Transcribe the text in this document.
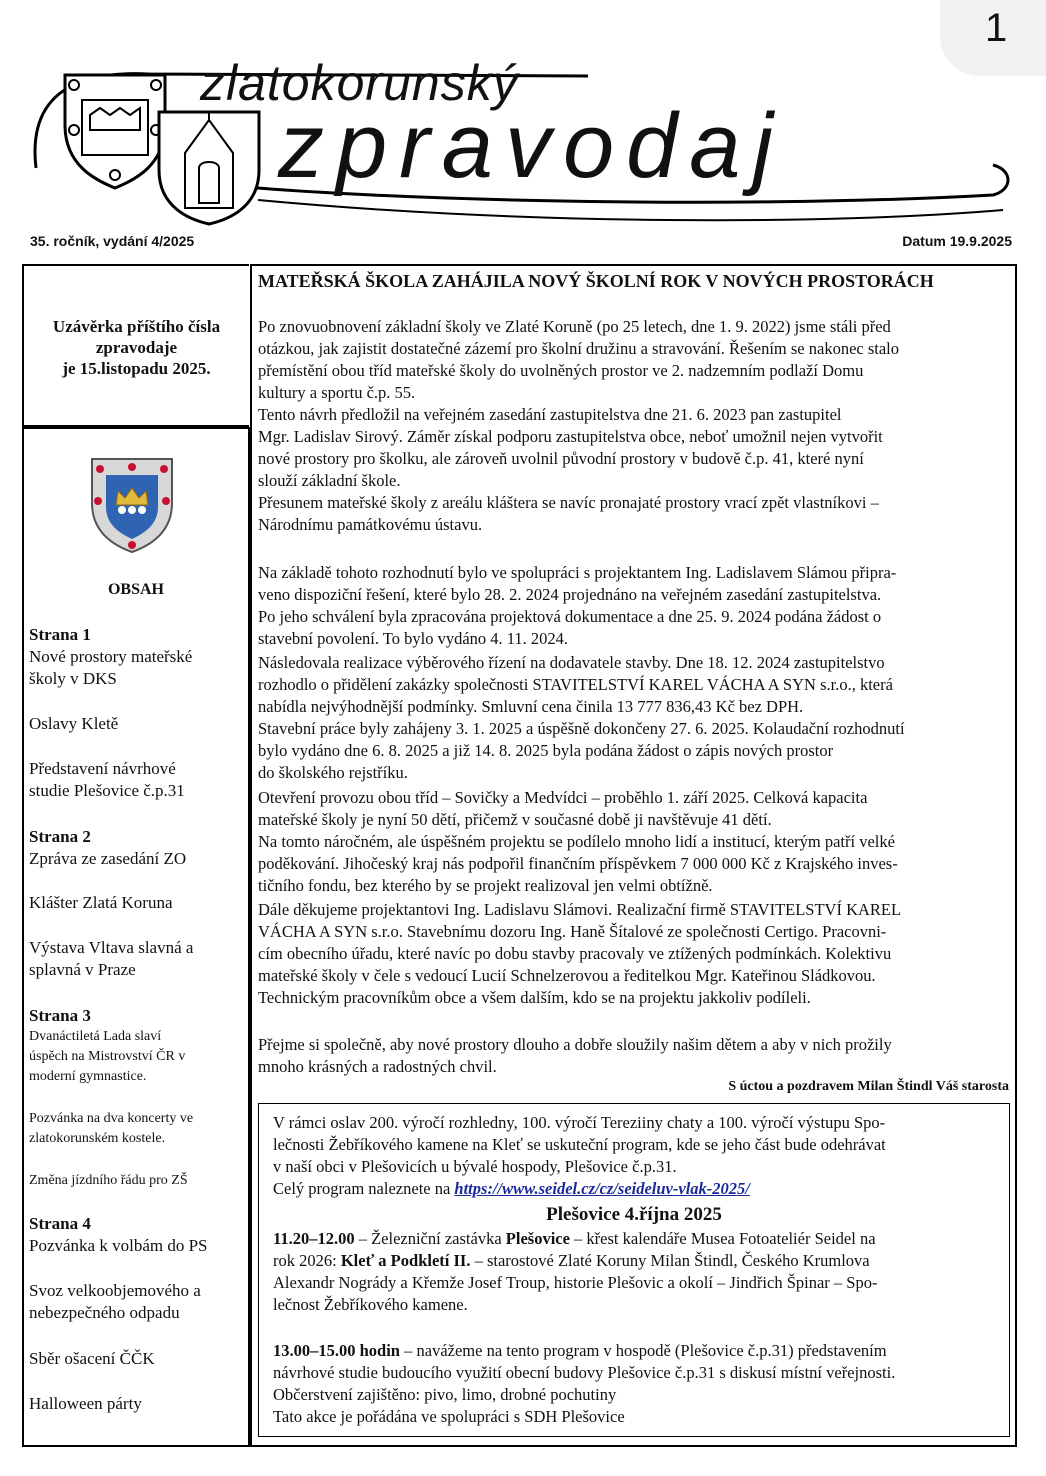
1
zlatokorunský
zpravodaj
35. ročník, vydání 4/2025	Datum 19.9.2025
Uzávěrka příštího čísla
zpravodaje
je 15.listopadu 2025.
OBSAH
Strana 1
Nové prostory mateřské
školy v DKS
Oslavy Kletě
Představení návrhové
studie Plešovice č.p.31
Strana 2
Zpráva ze zasedání ZO
Klášter Zlatá Koruna
Výstava Vltava slavná a
splavná v Praze
Strana 3
Dvanáctiletá Lada slaví
úspěch na Mistrovství ČR v
moderní gymnastice.
Pozvánka na dva koncerty ve
zlatokorunském kostele.
Změna jízdního řádu pro ZŠ
Strana 4
Pozvánka k volbám do PS
Svoz velkoobjemového a
nebezpečného odpadu
Sběr ošacení ČČK
Halloween párty
MATEŘSKÁ ŠKOLA ZAHÁJILA NOVÝ ŠKOLNÍ ROK V NOVÝCH PROSTORÁCH
Po znovuobnovení základní školy ve Zlaté Koruně (po 25 letech, dne 1. 9. 2022) jsme stáli před
otázkou, jak zajistit dostatečné zázemí pro školní družinu a stravování. Řešením se nakonec stalo
přemístění obou tříd mateřské školy do uvolněných prostor ve 2. nadzemním podlaží Domu
kultury a sportu č.p. 55.
Tento návrh předložil na veřejném zasedání zastupitelstva dne 21. 6. 2023 pan zastupitel
Mgr. Ladislav Sirový. Záměr získal podporu zastupitelstva obce, neboť umožnil nejen vytvořit
nové prostory pro školku, ale zároveň uvolnil původní prostory v budově č.p. 41, které nyní
slouží základní škole.
Přesunem mateřské školy z areálu kláštera se navíc pronajaté prostory vrací zpět vlastníkovi –
Národnímu památkovému ústavu.
Na základě tohoto rozhodnutí bylo ve spolupráci s projektantem Ing. Ladislavem Slámou připra-
veno dispoziční řešení, které bylo 28. 2. 2024 projednáno na veřejném zasedání zastupitelstva.
Po jeho schválení byla zpracována projektová dokumentace a dne 25. 9. 2024 podána žádost o
stavební povolení. To bylo vydáno 4. 11. 2024.
Následovala realizace výběrového řízení na dodavatele stavby. Dne 18. 12. 2024 zastupitelstvo
rozhodlo o přidělení zakázky společnosti STAVITELSTVÍ KAREL VÁCHA A SYN s.r.o., která
nabídla nejvýhodnější podmínky. Smluvní cena činila 13 777 836,43 Kč bez DPH.
Stavební práce byly zahájeny 3. 1. 2025 a úspěšně dokončeny 27. 6. 2025. Kolaudační rozhodnutí
bylo vydáno dne 6. 8. 2025 a již 14. 8. 2025 byla podána žádost o zápis nových prostor
do školského rejstříku.
Otevření provozu obou tříd – Sovičky a Medvídci – proběhlo 1. září 2025. Celková kapacita
mateřské školy je nyní 50 dětí, přičemž v současné době ji navštěvuje 41 dětí.
Na tomto náročném, ale úspěšném projektu se podílelo mnoho lidí a institucí, kterým patří velké
poděkování. Jihočeský kraj nás podpořil finančním příspěvkem 7 000 000 Kč z Krajského inves-
tičního fondu, bez kterého by se projekt realizoval jen velmi obtížně.
Dále děkujeme projektantovi Ing. Ladislavu Slámovi. Realizační firmě STAVITELSTVÍ KAREL
VÁCHA A SYN s.r.o. Stavebnímu dozoru Ing. Haně Šítalové ze společnosti Certigo. Pracovni-
cím obecního úřadu, které navíc po dobu stavby pracovaly ve ztížených podmínkách. Kolektivu
mateřské školy v čele s vedoucí Lucií Schnelzerovou a ředitelkou Mgr. Kateřinou Sládkovou.
Technickým pracovníkům obce a všem dalším, kdo se na projektu jakkoliv podíleli.
Přejme si společně, aby nové prostory dlouho a dobře sloužily našim dětem a aby v nich prožily
mnoho krásných a radostných chvil.
S úctou a pozdravem Milan Štindl Váš starosta
V rámci oslav 200. výročí rozhledny, 100. výročí Tereziiny chaty a 100. výročí výstupu Spo-
lečnosti Žebříkového kamene na Kleť se uskuteční program, kde se jeho část bude odehrávat
v naší obci v Plešovicích u bývalé hospody, Plešovice č.p.31.
Celý program naleznete na https://www.seidel.cz/cz/seideluv-vlak-2025/
Plešovice 4.října 2025
11.20–12.00 – Železniční zastávka Plešovice – křest kalendáře Musea Fotoateliér Seidel na
rok 2026: Kleť a Podkletí II. – starostové Zlaté Koruny Milan Štindl, Českého Krumlova
Alexandr Nogrády a Křemže Josef Troup, historie Plešovic a okolí – Jindřich Špinar – Spo-
lečnost Žebříkového kamene.
13.00–15.00 hodin – navážeme na tento program v hospodě (Plešovice č.p.31) představením
návrhové studie budoucího využití obecní budovy Plešovice č.p.31 s diskusí místní veřejnosti.
Občerstvení zajištěno: pivo, limo, drobné pochutiny
Tato akce je pořádána ve spolupráci s SDH Plešovice
